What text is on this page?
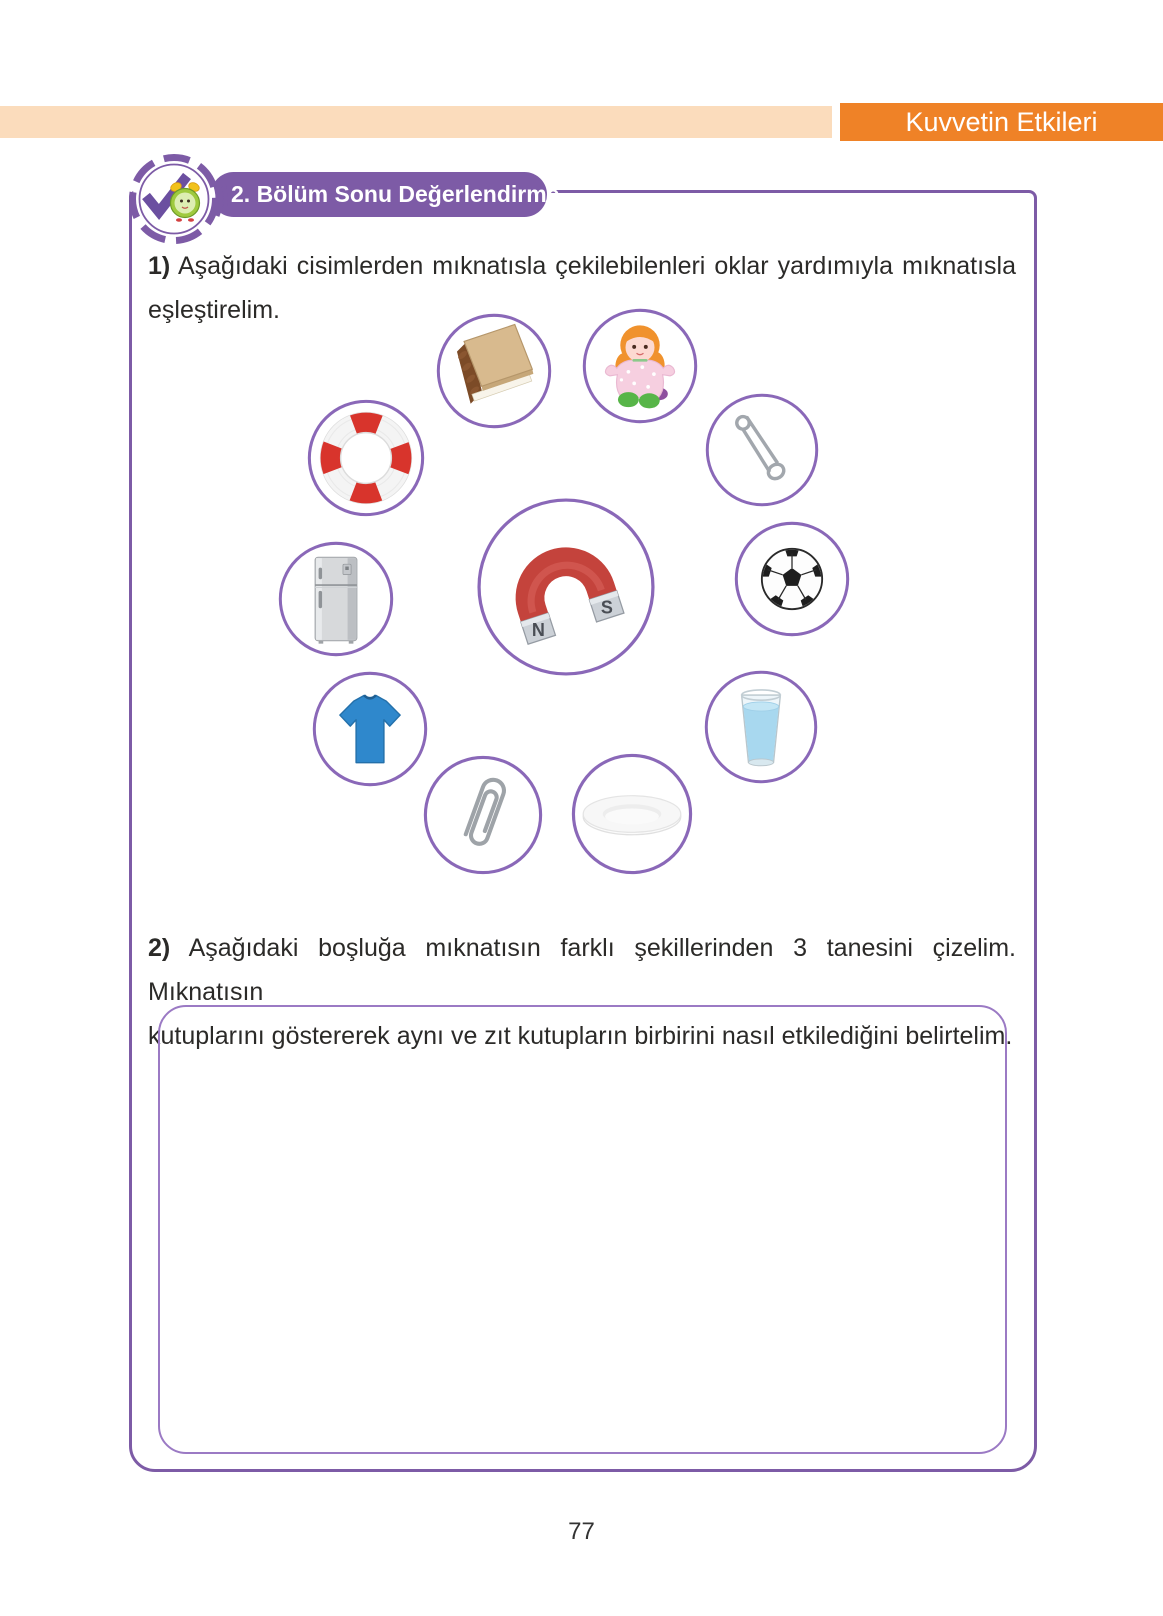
Kuvvetin Etkileri
2. Bölüm Sonu Değerlendirme
1) Aşağıdaki cisimlerden mıknatısla çekilebilenleri oklar yardımıyla mıknatısla
eşleştirelim.
N
S
2) Aşağıdaki boşluğa mıknatısın farklı şekillerinden 3 tanesini çizelim. Mıknatısın
kutuplarını göstererek aynı ve zıt kutupların birbirini nasıl etkilediğini belirtelim.
77
